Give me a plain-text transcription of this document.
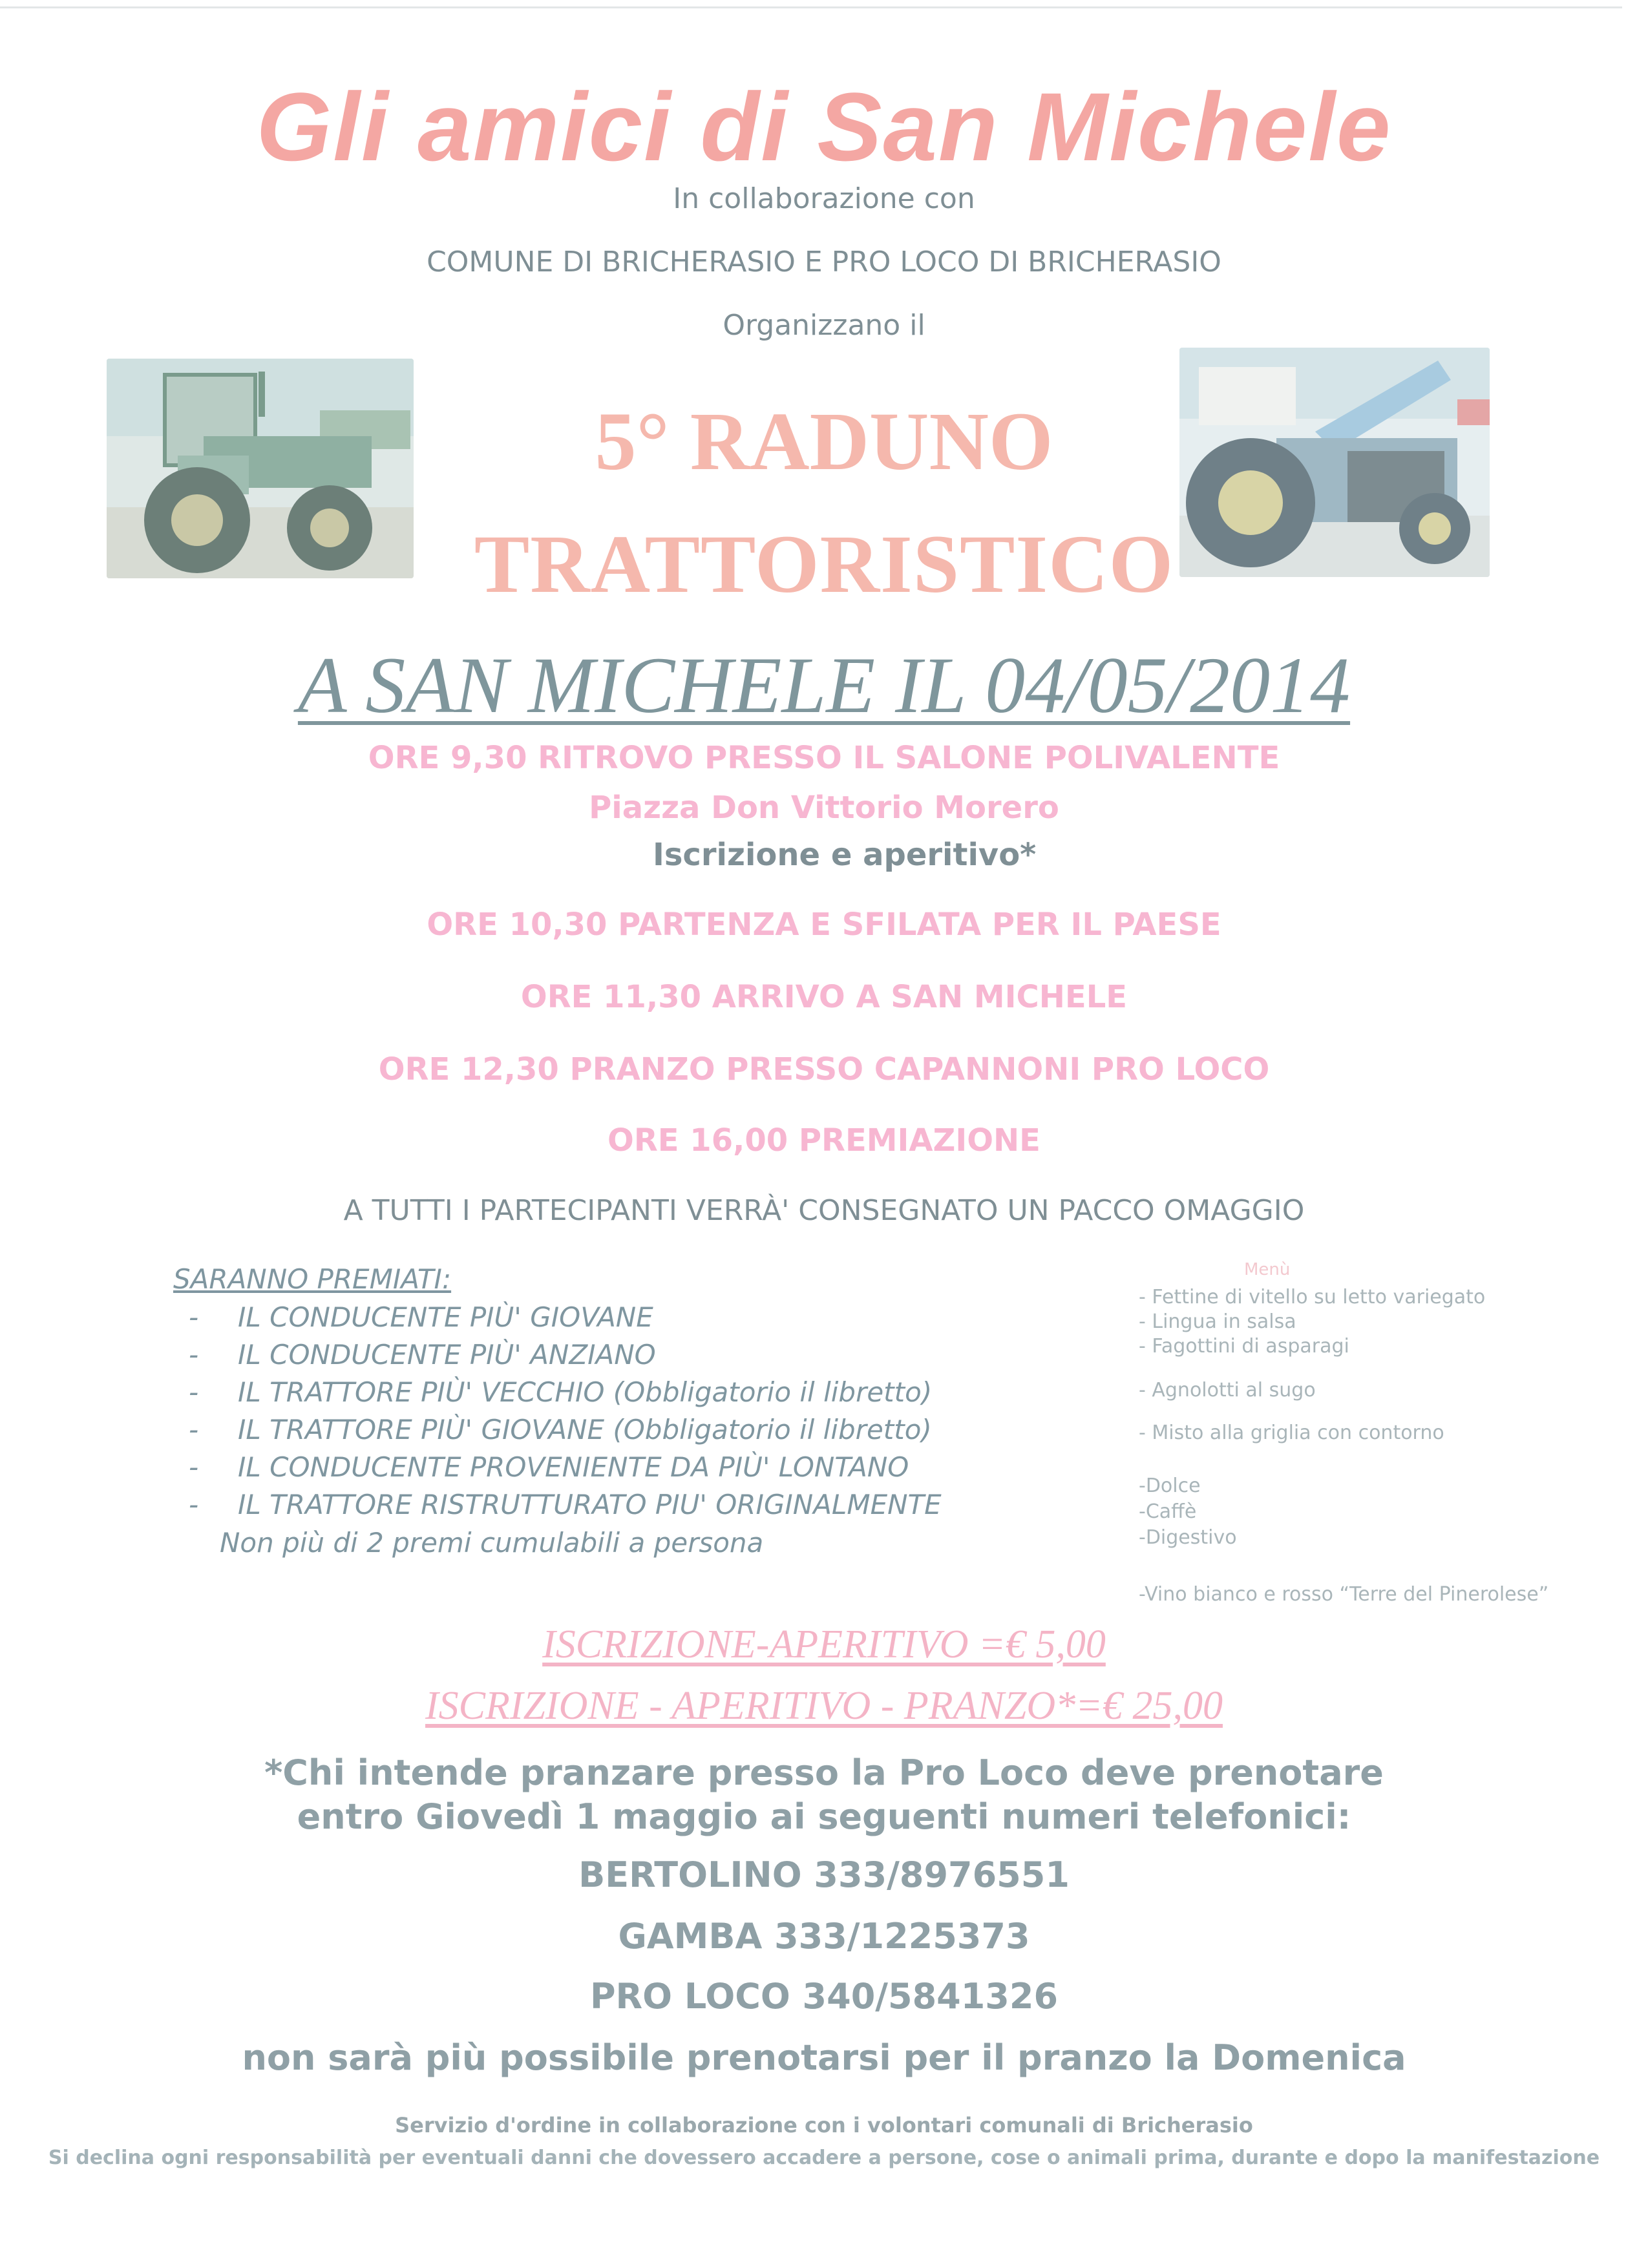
Gli amici di San Michele
In collaborazione con
COMUNE DI BRICHERASIO E PRO LOCO DI BRICHERASIO
Organizzano il
5° RADUNO
TRATTORISTICO
A SAN MICHELE IL 04/05/2014
ORE 9,30 RITROVO PRESSO IL SALONE POLIVALENTE
Piazza Don Vittorio Morero
Iscrizione e aperitivo*
ORE 10,30 PARTENZA E SFILATA PER IL PAESE
ORE 11,30 ARRIVO A SAN MICHELE
ORE 12,30 PRANZO PRESSO CAPANNONI PRO LOCO
ORE 16,00 PREMIAZIONE
A TUTTI I PARTECIPANTI VERRÀ' CONSEGNATO UN PACCO OMAGGIO
SARANNO PREMIATI:
- IL CONDUCENTE PIÙ' GIOVANE
- IL CONDUCENTE PIÙ' ANZIANO
- IL TRATTORE PIÙ' VECCHIO (Obbligatorio il libretto)
- IL TRATTORE PIÙ' GIOVANE (Obbligatorio il libretto)
- IL CONDUCENTE PROVENIENTE DA PIÙ' LONTANO
- IL TRATTORE RISTRUTTURATO PIU' ORIGINALMENTE
Non più di 2 premi cumulabili a persona
Menù
- Fettine di vitello su letto variegato
- Lingua in salsa
- Fagottini di asparagi
- Agnolotti al sugo
- Misto alla griglia con contorno
-Dolce
-Caffè
-Digestivo
-Vino bianco e rosso “Terre del Pinerolese”
ISCRIZIONE-APERITIVO =€ 5,00
ISCRIZIONE - APERITIVO - PRANZO*=€ 25,00
*Chi intende pranzare presso la Pro Loco deve prenotare
entro Giovedì 1 maggio ai seguenti numeri telefonici:
BERTOLINO 333/8976551
GAMBA 333/1225373
PRO LOCO 340/5841326
non sarà più possibile prenotarsi per il pranzo la Domenica
Servizio d'ordine in collaborazione con i volontari comunali di Bricherasio
Si declina ogni responsabilità per eventuali danni che dovessero accadere a persone, cose o animali prima, durante e dopo la manifestazione
